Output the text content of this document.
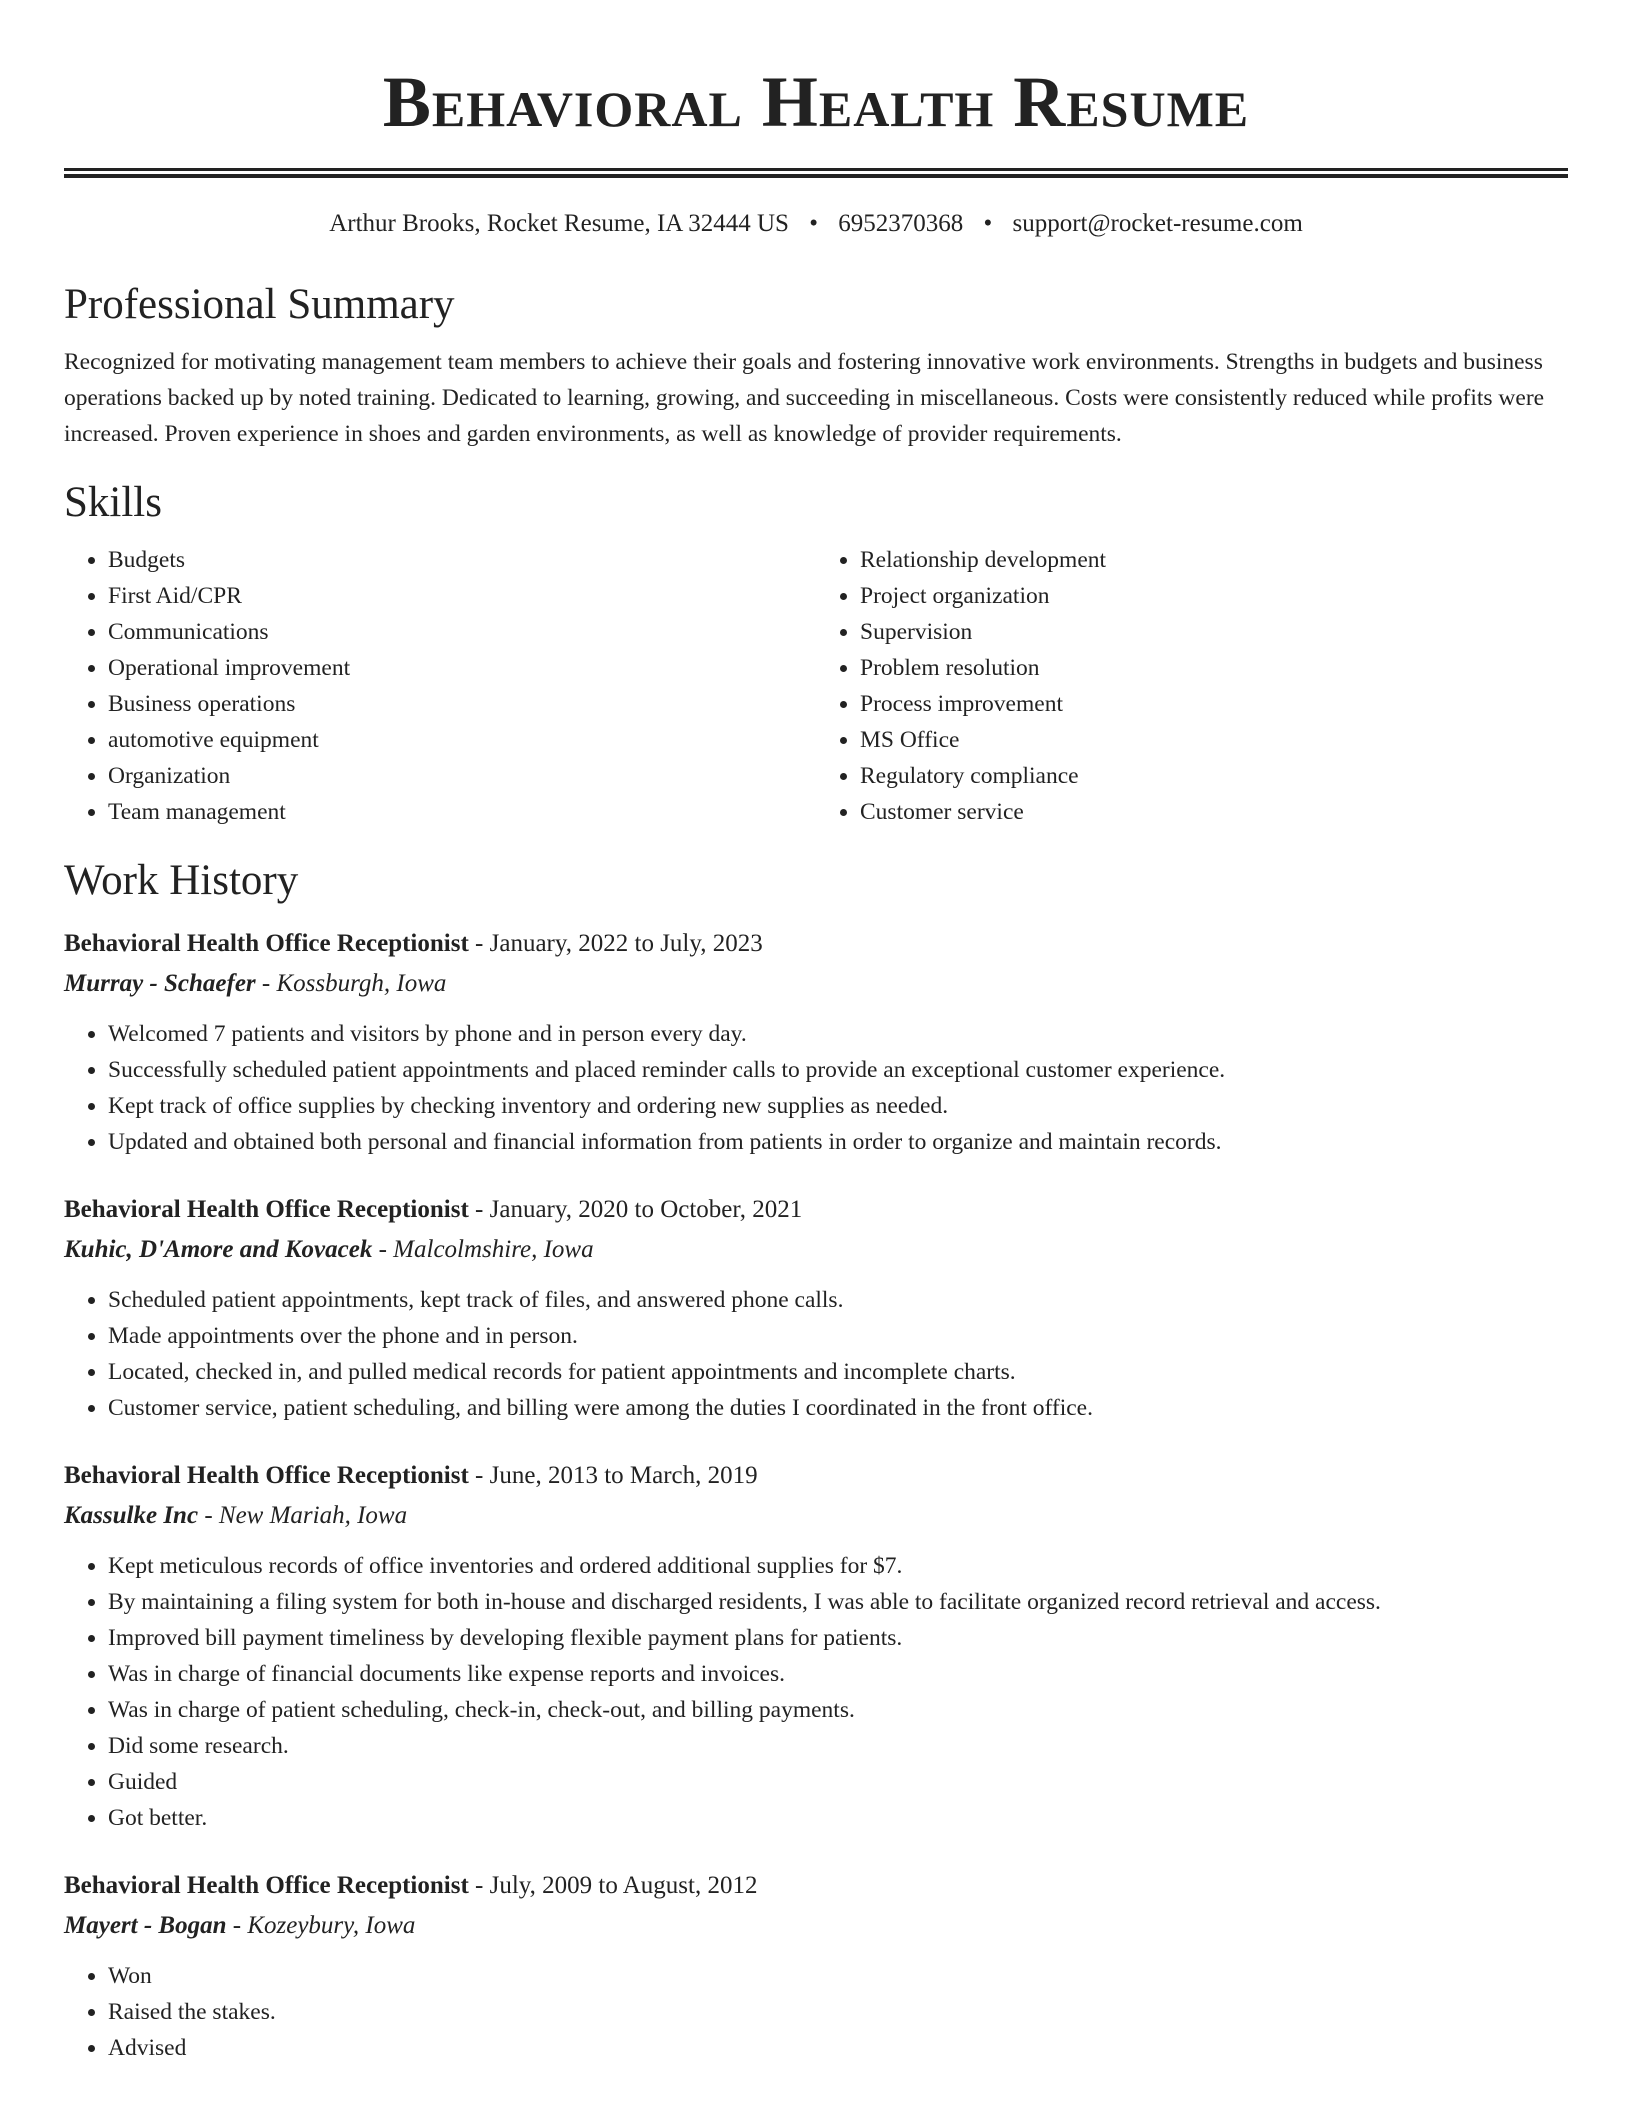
Behavioral Health Resume
Arthur Brooks, Rocket Resume, IA 32444 US • 6952370368 • support@rocket-resume.com
Professional Summary

Recognized for motivating management team members to achieve their goals and fostering innovative work environments. Strengths in budgets and business operations backed up by noted training. Dedicated to learning, growing, and succeeding in miscellaneous. Costs were consistently reduced while profits were increased. Proven experience in shoes and garden environments, as well as knowledge of provider requirements.

Skills
• Budgets
• First Aid/CPR
• Communications
• Operational improvement
• Business operations
• automotive equipment
• Organization
• Team management
• Relationship development
• Project organization
• Supervision
• Problem resolution
• Process improvement
• MS Office
• Regulatory compliance
• Customer service
Work History
Behavioral Health Office Receptionist - January, 2022 to July, 2023
Murray - Schaefer - Kossburgh, Iowa
• Welcomed 7 patients and visitors by phone and in person every day.
• Successfully scheduled patient appointments and placed reminder calls to provide an exceptional customer experience.
• Kept track of office supplies by checking inventory and ordering new supplies as needed.
• Updated and obtained both personal and financial information from patients in order to organize and maintain records.
Behavioral Health Office Receptionist - January, 2020 to October, 2021
Kuhic, D'Amore and Kovacek - Malcolmshire, Iowa
• Scheduled patient appointments, kept track of files, and answered phone calls.
• Made appointments over the phone and in person.
• Located, checked in, and pulled medical records for patient appointments and incomplete charts.
• Customer service, patient scheduling, and billing were among the duties I coordinated in the front office.
Behavioral Health Office Receptionist - June, 2013 to March, 2019
Kassulke Inc - New Mariah, Iowa
• Kept meticulous records of office inventories and ordered additional supplies for $7.
• By maintaining a filing system for both in-house and discharged residents, I was able to facilitate organized record retrieval and access.
• Improved bill payment timeliness by developing flexible payment plans for patients.
• Was in charge of financial documents like expense reports and invoices.
• Was in charge of patient scheduling, check-in, check-out, and billing payments.
• Did some research.
• Guided
• Got better.
Behavioral Health Office Receptionist - July, 2009 to August, 2012
Mayert - Bogan - Kozeybury, Iowa
• Won
• Raised the stakes.
• Advised
